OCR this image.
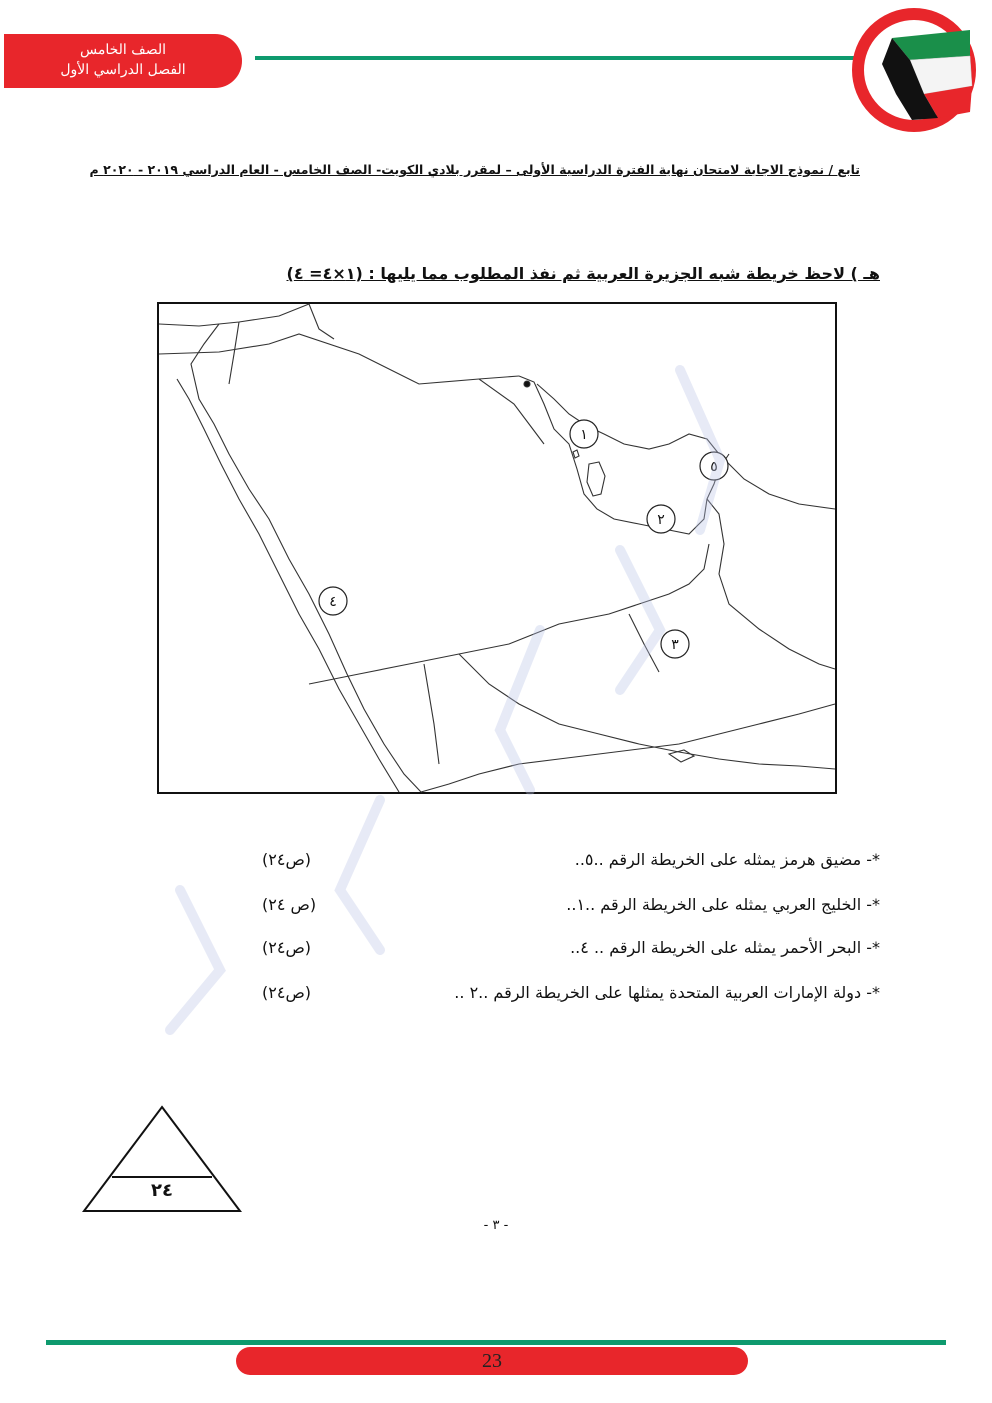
الصف الخامس
الفصل الدراسي الأول
تابع / نموذج الاجابة لامتحان نهاية الفترة الدراسية الأولى – لمقرر بلادي الكويت- الصف الخامس - العام الدراسي ٢٠١٩ - ٢٠٢٠ م
هـ ) لاحظ خريطة شبه الجزيرة العربية ثم نفذ المطلوب مما يليها : (١×٤= ٤)
١
٢
٣
٤
٥
*- مضيق هرمز يمثله على الخريطة الرقم ..٥..
(ص٢٤)
*- الخليج العربي يمثله على الخريطة الرقم ..١..
(ص ٢٤)
*- البحر الأحمر يمثله على الخريطة الرقم .. ٤..
(ص٢٤)
*- دولة الإمارات العربية المتحدة يمثلها على الخريطة الرقم ..٢ ..
(ص٢٤)
٢٤
- ٣ -
23
